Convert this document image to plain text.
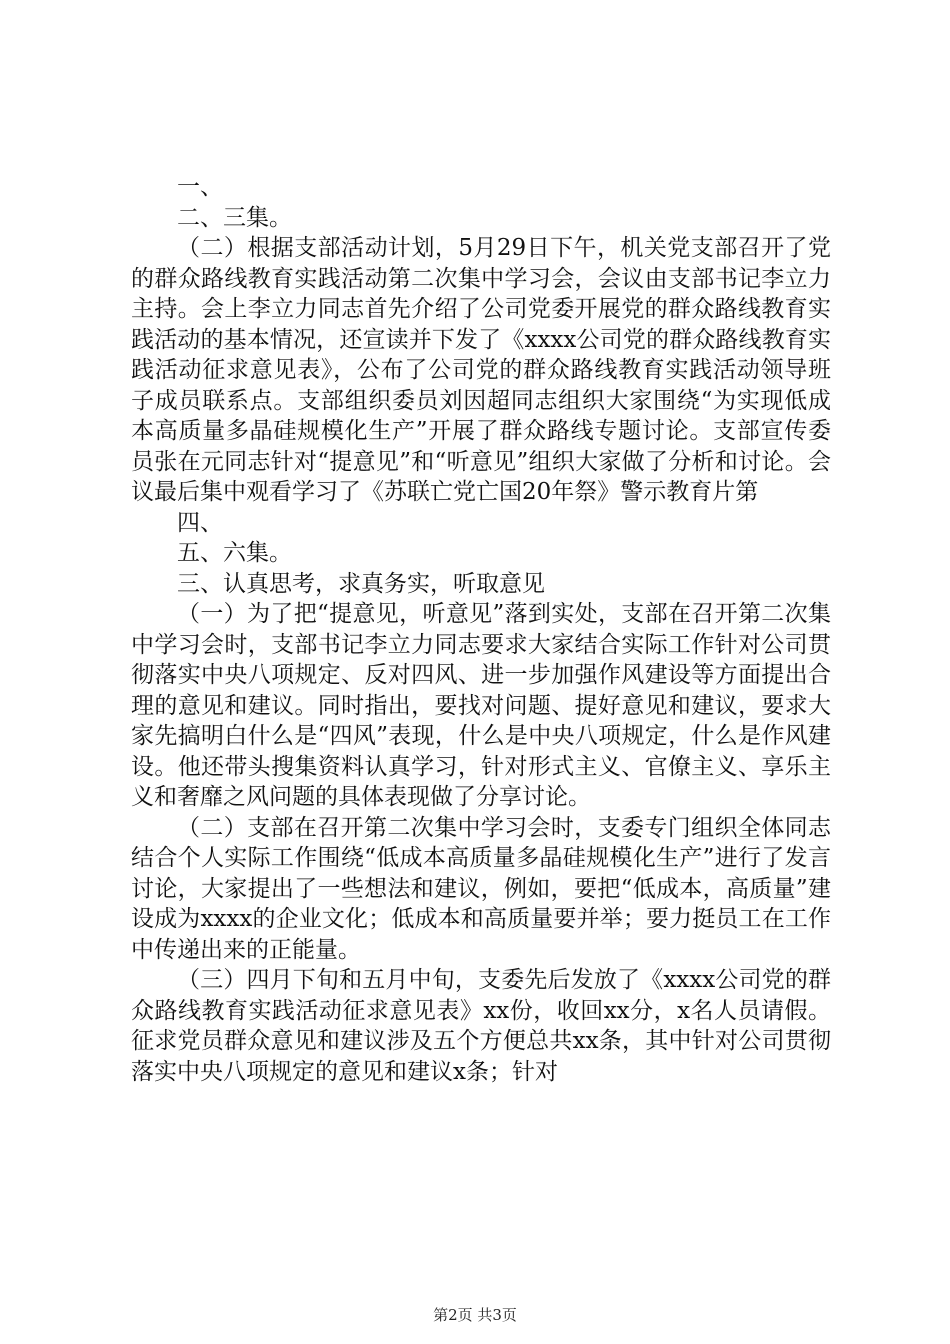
一、

二、三集。

（二）根据支部活动计划，5月29日下午，机关党支部召开了党的群众路线教育实践活动第二次集中学习会，会议由支部书记李立力主持。会上李立力同志首先介绍了公司党委开展党的群众路线教育实践活动的基本情况，还宣读并下发了《xxxx公司党的群众路线教育实践活动征求意见表》，公布了公司党的群众路线教育实践活动领导班子成员联系点。支部组织委员刘因超同志组织大家围绕“为实现低成本高质量多晶硅规模化生产”开展了群众路线专题讨论。支部宣传委员张在元同志针对“提意见”和“听意见”组织大家做了分析和讨论。会议最后集中观看学习了《苏联亡党亡国20年祭》警示教育片第

四、

五、六集。

三、认真思考，求真务实，听取意见

（一）为了把“提意见，听意见”落到实处，支部在召开第二次集中学习会时，支部书记李立力同志要求大家结合实际工作针对公司贯彻落实中央八项规定、反对四风、进一步加强作风建设等方面提出合理的意见和建议。同时指出，要找对问题、提好意见和建议，要求大家先搞明白什么是“四风”表现，什么是中央八项规定，什么是作风建设。他还带头搜集资料认真学习，针对形式主义、官僚主义、享乐主义和奢靡之风问题的具体表现做了分享讨论。

（二）支部在召开第二次集中学习会时，支委专门组织全体同志结合个人实际工作围绕“低成本高质量多晶硅规模化生产”进行了发言讨论，大家提出了一些想法和建议，例如，要把“低成本，高质量”建设成为xxxx的企业文化；低成本和高质量要并举；要力挺员工在工作中传递出来的正能量。

（三）四月下旬和五月中旬，支委先后发放了《xxxx公司党的群众路线教育实践活动征求意见表》xx份，收回xx分，x名人员请假。征求党员群众意见和建议涉及五个方便总共xx条，其中针对公司贯彻落实中央八项规定的意见和建议x条；针对

第2页 共3页
